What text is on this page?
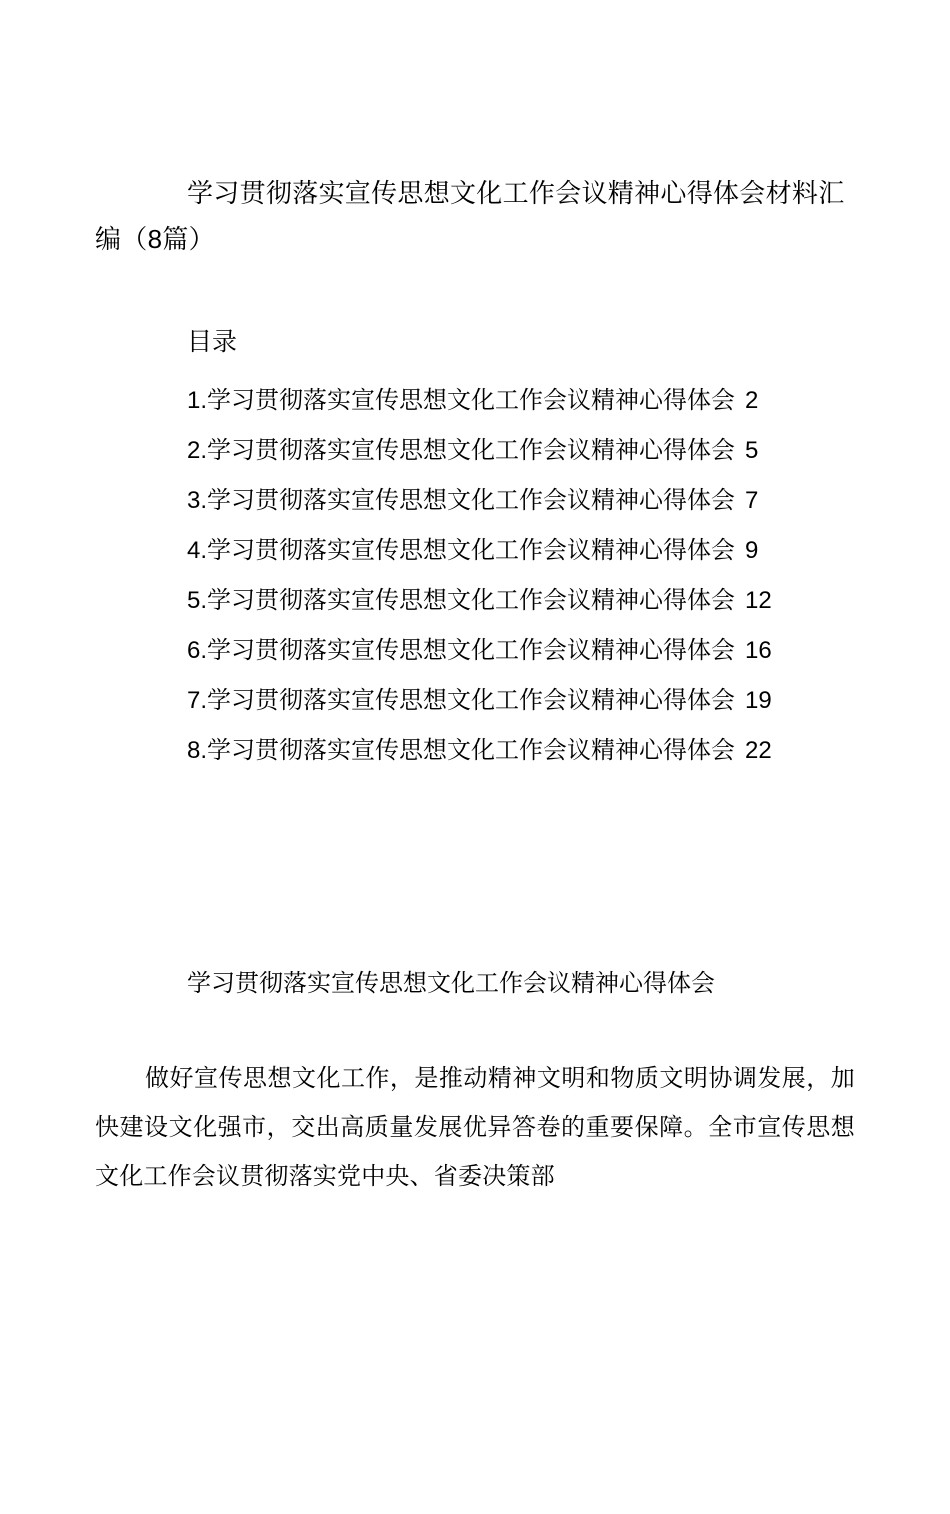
学习贯彻落实宣传思想文化工作会议精神心得体会材料汇编（8篇）
目录
1.学习贯彻落实宣传思想文化工作会议精神心得体会 2
2.学习贯彻落实宣传思想文化工作会议精神心得体会 5
3.学习贯彻落实宣传思想文化工作会议精神心得体会 7
4.学习贯彻落实宣传思想文化工作会议精神心得体会 9
5.学习贯彻落实宣传思想文化工作会议精神心得体会 12
6.学习贯彻落实宣传思想文化工作会议精神心得体会 16
7.学习贯彻落实宣传思想文化工作会议精神心得体会 19
8.学习贯彻落实宣传思想文化工作会议精神心得体会 22
学习贯彻落实宣传思想文化工作会议精神心得体会
做好宣传思想文化工作，是推动精神文明和物质文明协调发展，加快建设文化强市，交出高质量发展优异答卷的重要保障。全市宣传思想文化工作会议贯彻落实党中央、省委决策部
